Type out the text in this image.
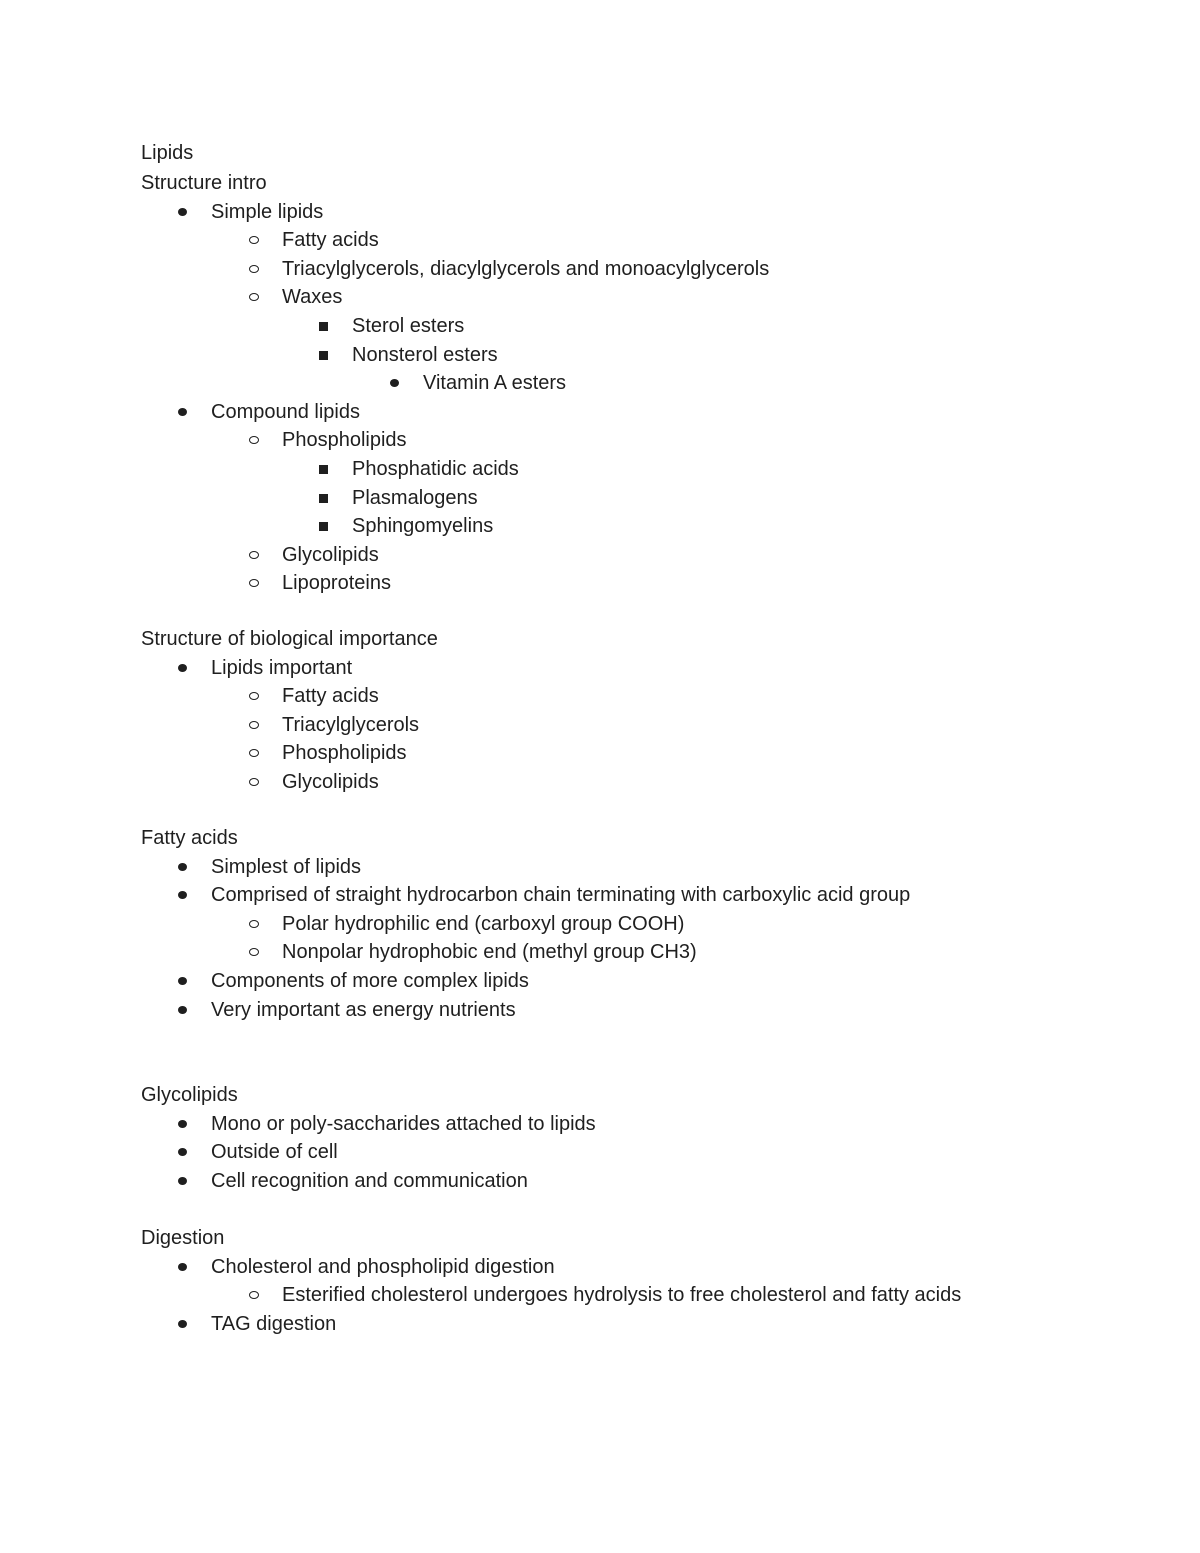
Lipids
Structure intro
Simple lipids
Fatty acids
Triacylglycerols, diacylglycerols and monoacylglycerols
Waxes
Sterol esters
Nonsterol esters
Vitamin A esters
Compound lipids
Phospholipids
Phosphatidic acids
Plasmalogens
Sphingomyelins
Glycolipids
Lipoproteins
Structure of biological importance
Lipids important
Fatty acids
Triacylglycerols
Phospholipids
Glycolipids
Fatty acids
Simplest of lipids
Comprised of straight hydrocarbon chain terminating with carboxylic acid group
Polar hydrophilic end (carboxyl group COOH)
Nonpolar hydrophobic end (methyl group CH3)
Components of more complex lipids
Very important as energy nutrients
Glycolipids
Mono or poly-saccharides attached to lipids
Outside of cell
Cell recognition and communication
Digestion
Cholesterol and phospholipid digestion
Esterified cholesterol undergoes hydrolysis to free cholesterol and fatty acids
TAG digestion
